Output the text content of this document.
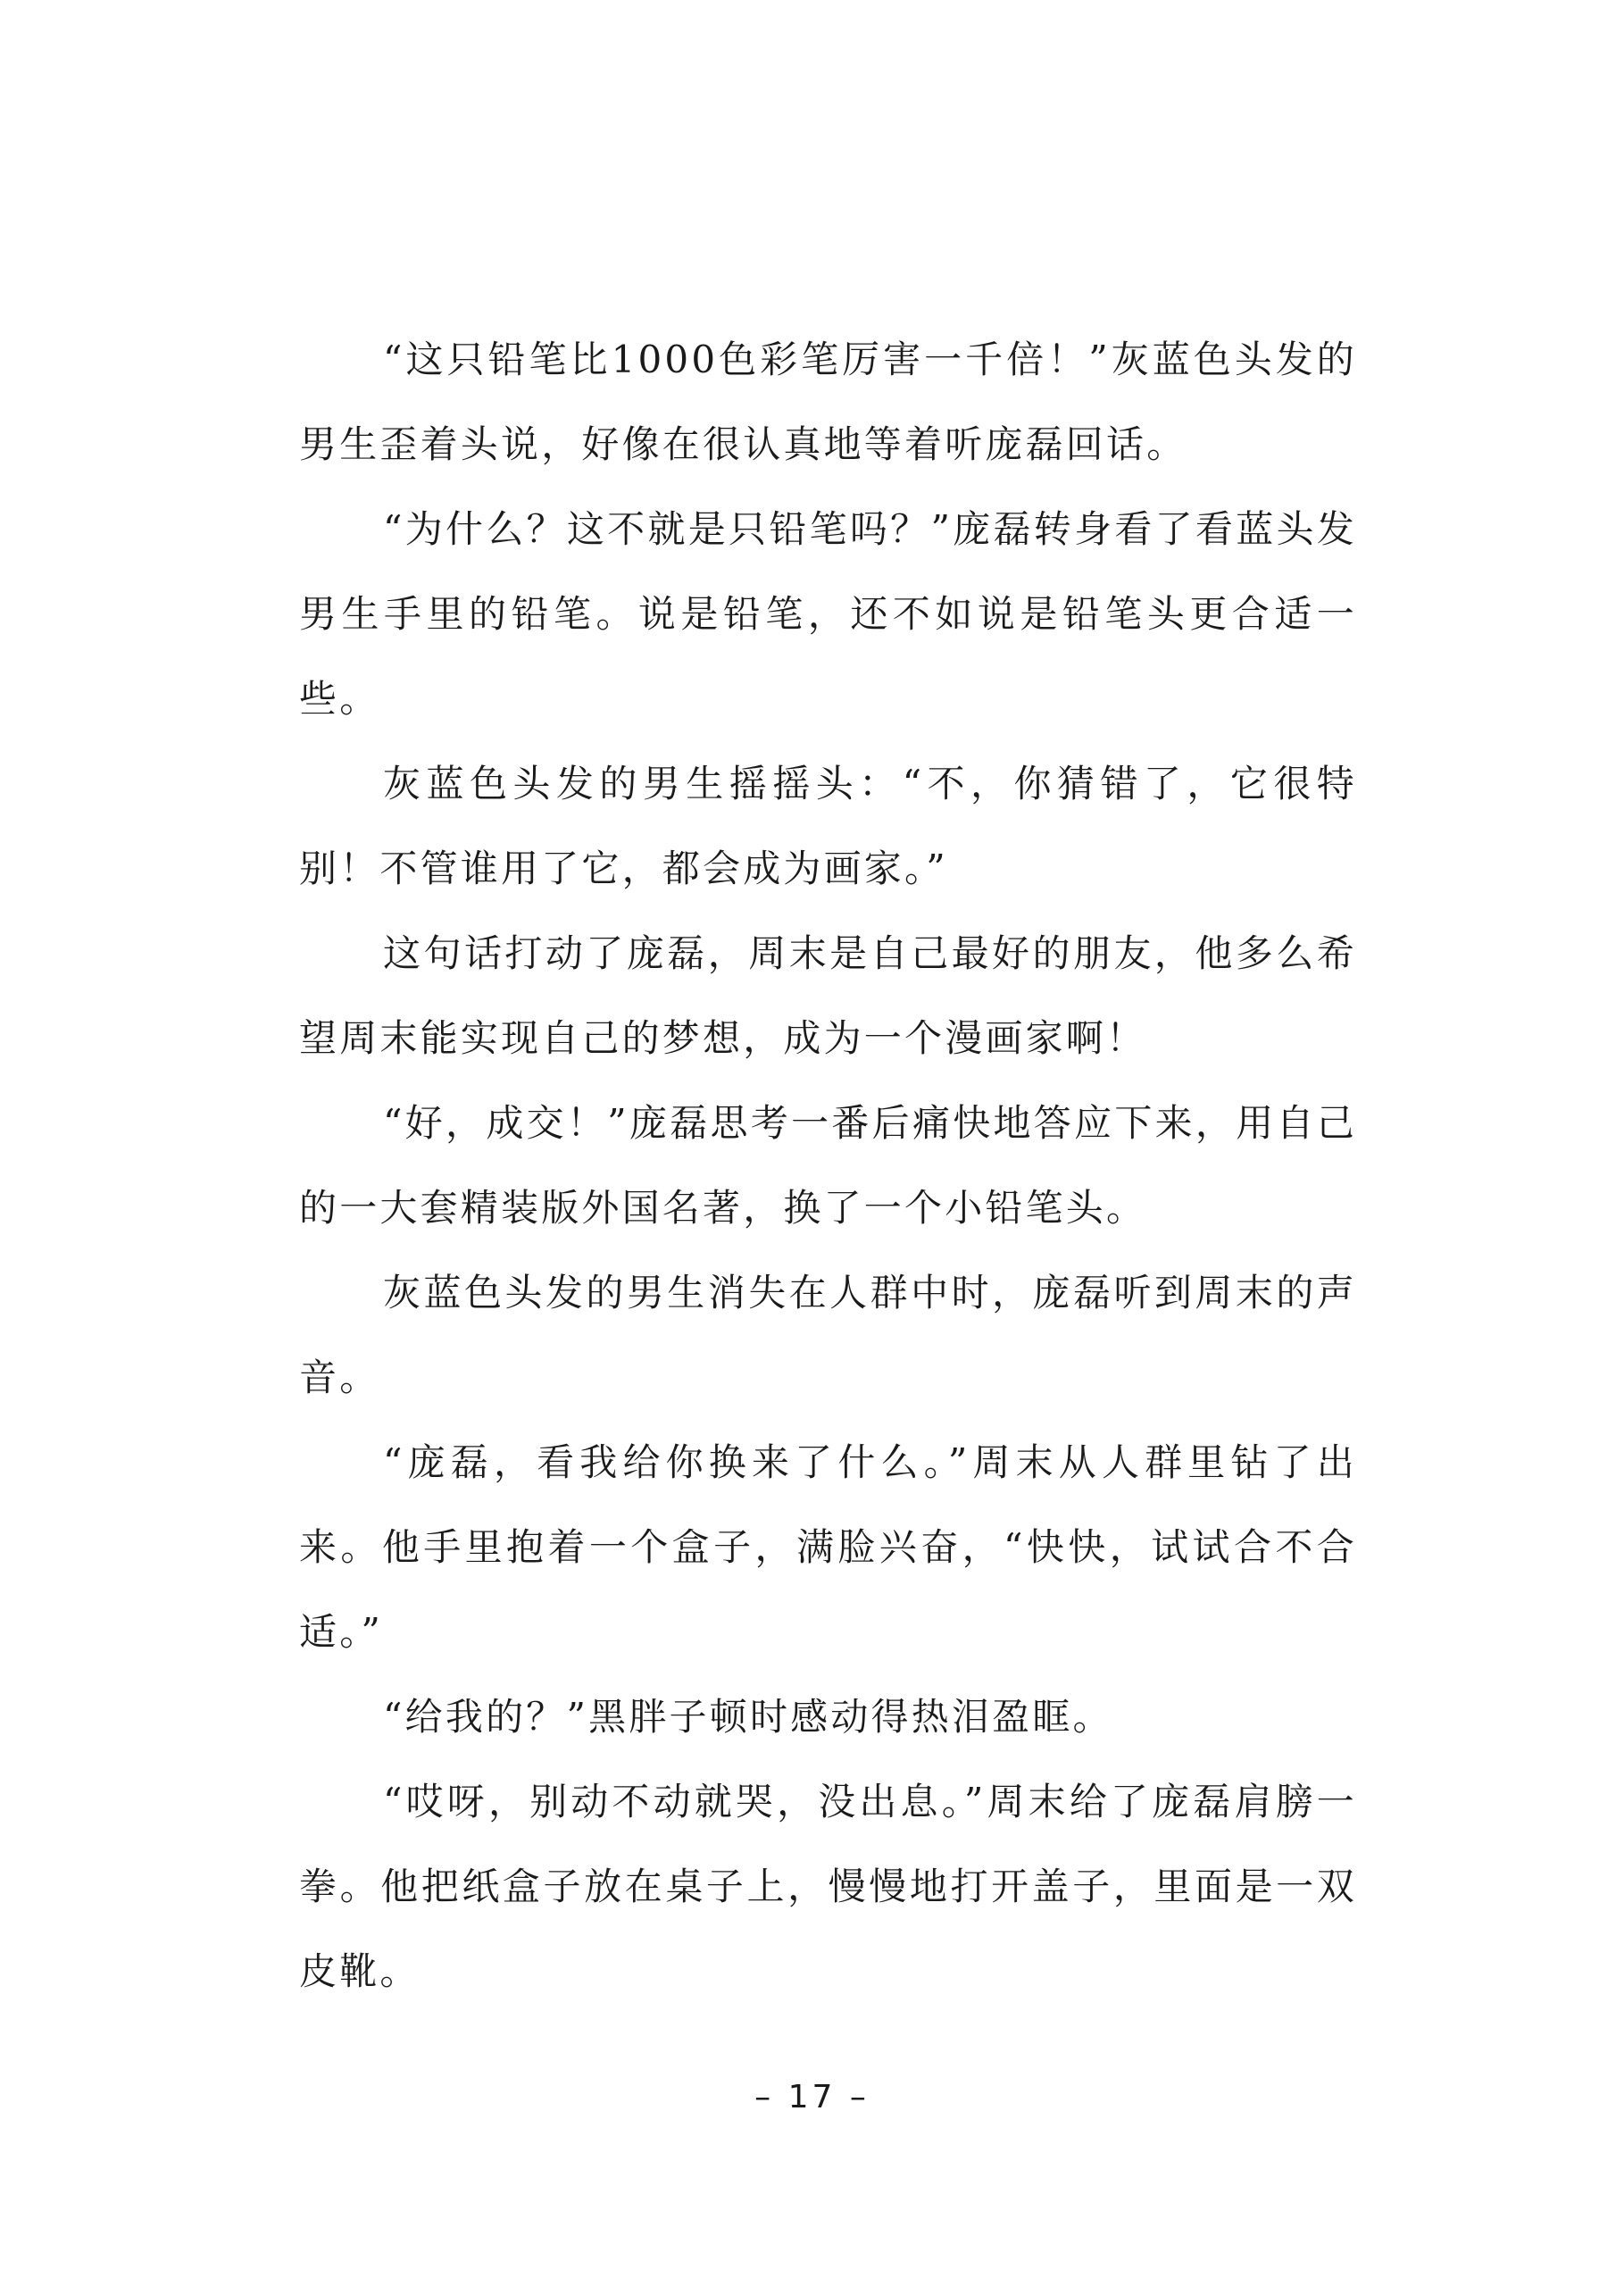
“这只铅笔比1000色彩笔厉害一千倍！”灰蓝色头发的男生歪着头说，好像在很认真地等着听庞磊回话。

“为什么？这不就是只铅笔吗？”庞磊转身看了看蓝头发男生手里的铅笔。说是铅笔，还不如说是铅笔头更合适一些。

灰蓝色头发的男生摇摇头：“不，你猜错了，它很特别！不管谁用了它，都会成为画家。”

这句话打动了庞磊，周末是自己最好的朋友，他多么希望周末能实现自己的梦想，成为一个漫画家啊！

“好，成交！”庞磊思考一番后痛快地答应下来，用自己的一大套精装版外国名著，换了一个小铅笔头。

灰蓝色头发的男生消失在人群中时，庞磊听到周末的声音。

“庞磊，看我给你换来了什么。”周末从人群里钻了出来。他手里抱着一个盒子，满脸兴奋，“快快，试试合不合适。”

“给我的？”黑胖子顿时感动得热泪盈眶。

“哎呀，别动不动就哭，没出息。”周末给了庞磊肩膀一拳。他把纸盒子放在桌子上，慢慢地打开盖子，里面是一双皮靴。

– 17 –
